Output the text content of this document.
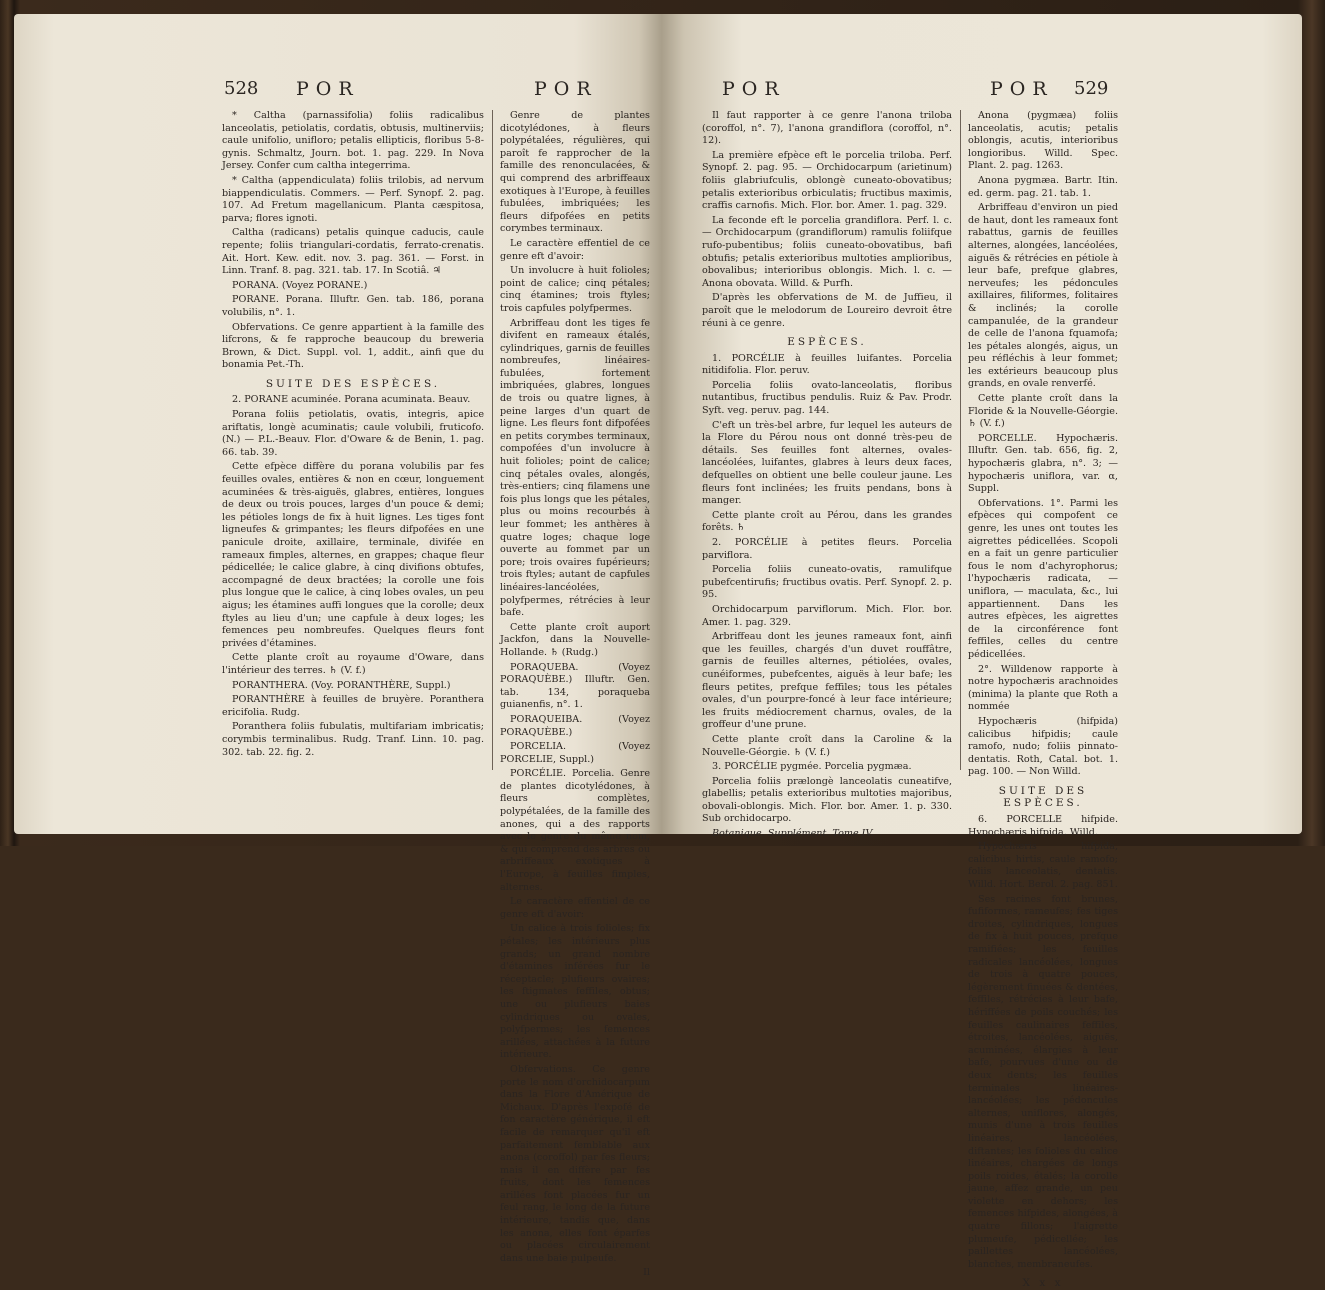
528 POR	POR

* Caltha (parnassifolia) foliis radicalibus lanceolatis, petiolatis, cordatis, obtusis, multinerviis; caule unifolio, unifloro; petalis ellipticis, floribus 5-8-gynis. Schmaltz, Journ. bot. 1. pag. 229. In Nova Jersey. Confer cum caltha integerrima.

* Caltha (appendiculata) foliis trilobis, ad nervum biappendiculatis. Commers. — Perf. Synopf. 2. pag. 107. Ad Fretum magellanicum. Planta cæspitosa, parva; flores ignoti.

Caltha (radicans) petalis quinque caducis, caule repente; foliis triangulari-cordatis, ferrato-crenatis. Ait. Hort. Kew. edit. nov. 3. pag. 361. — Forst. in Linn. Tranf. 8. pag. 321. tab. 17. In Scotiâ. ♃

PORANA. (Voyez PORANE.)

PORANE. Porana. Illuftr. Gen. tab. 186, porana volubilis, n°. 1.

Obfervations. Ce genre appartient à la famille des lifcrons, & fe rapproche beaucoup du breweria Brown, & Dict. Suppl. vol. 1, addit., ainfi que du bonamia Pet.-Th.

SUITE DES ESPÈCES.

2. PORANE acuminée. Porana acuminata. Beauv.

Porana foliis petiolatis, ovatis, integris, apice ariftatis, longè acuminatis; caule volubili, fruticofo. (N.) — P.L.-Beauv. Flor. d'Oware & de Benin, 1. pag. 66. tab. 39.

Cette efpèce diffère du porana volubilis par fes feuilles ovales, entières & non en cœur, longuement acuminées & très-aiguës, glabres, entières, longues de deux ou trois pouces, larges d'un pouce & demi; les pétioles longs de fix à huit lignes. Les tiges font ligneufes & grimpantes; les fleurs difpofées en une panicule droite, axillaire, terminale, divifée en rameaux fimples, alternes, en grappes; chaque fleur pédicellée; le calice glabre, à cinq divifions obtufes, accompagné de deux bractées; la corolle une fois plus longue que le calice, à cinq lobes ovales, un peu aigus; les étamines auffi longues que la corolle; deux ftyles au lieu d'un; une capfule à deux loges; les femences peu nombreufes. Quelques fleurs font privées d'étamines.

Cette plante croît au royaume d'Oware, dans l'intérieur des terres. ♄ (V. f.)

PORANTHERA. (Voy. PORANTHÈRE, Suppl.)

PORANTHÈRE à feuilles de bruyère. Porantherа ericifolia. Rudg.

Poranthera foliis fubulatis, multifariam imbricatis; corymbis terminalibus. Rudg. Tranf. Linn. 10. pag. 302. tab. 22. fig. 2.

Genre de plantes dicotylédones, à fleurs polypétalées, régulières, qui paroît fe rapprocher de la famille des renonculacées, & qui comprend des arbriffeaux exotiques à l'Europe, à feuilles fubulées, imbriquées; les fleurs difpofées en petits corymbes terminaux.

Le caractère effentiel de ce genre eft d'avoir:

Un involucre à huit folioles; point de calice; cinq pétales; cinq étamines; trois ftyles; trois capfules polyfpermes.

Arbriffeau dont les tiges fe divifent en rameaux étalés, cylindriques, garnis de feuilles nombreufes, linéaires-fubulées, fortement imbriquées, glabres, longues de trois ou quatre lignes, à peine larges d'un quart de ligne. Les fleurs font difpofées en petits corymbes terminaux, compofées d'un involucre à huit folioles; point de calice; cinq pétales ovales, alongés, très-entiers; cinq filamens une fois plus longs que les pétales, plus ou moins recourbés à leur fommet; les anthères à quatre loges; chaque loge ouverte au fommet par un pore; trois ovaires fupérieurs; trois ftyles; autant de capfules linéaires-lancéolées, polyfpermes, rétrécies à leur bafe.

Cette plante croît auport Jackfon, dans la Nouvelle-Hollande. ♄ (Rudg.)

PORAQUEBA. (Voyez PORAQUÈBE.) Illuftr. Gen. tab. 134, poraqueba guianenfis, n°. 1.

PORAQUEIBA. (Voyez PORAQUÈBE.)

PORCELIA. (Voyez PORCELIE, Suppl.)

PORCÉLIE. Porcelia. Genre de plantes dicotylédones, à fleurs complètes, polypétalées, de la famille des anones, qui a des rapports avec le genre du même nom, & qui comprend des arbres ou arbriffeaux exotiques à l'Europe, à feuilles fimples, alternes.

Le caractère effentiel de ce genre eft d'avoir:

Un calice à trois folioles; fix pétales; les intérieurs plus grands; un grand nombre d'étamines inférées fur le réceptacle; plufieurs ovaires; les ftigmates feffiles, obtus; une ou plufieurs baies cylindriques ou ovales, polyfpermes; les femences arillées, attachées à la future intérieure.

Obfervations. Ce genre porte le nom d'orchidocarpum dans la Flore d'Amérique de Michaux. D'après l'expofé de fon caractère générique, il eft facile de remarquer qu'il eft parfaitement femblable aux anona (coroffol) par fes fleurs; mais il en diffère par fes fruits, dont les femences arillées font placées fur un feul rang, le long de la future intérieure, tandis que, dans les anona, elles font éparfes ou placées circulairement dans une baie pulpeufe.

Il

POR	POR 529

Il faut rapporter à ce genre l'anona triloba (coroffol, n°. 7), l'anona grandiflora (coroffol, n°. 12).

La première efpèce eft le porcelia triloba. Perf. Synopf. 2. pag. 95. — Orchidocarpum (arietinum) foliis glabriufculis, oblongè cuneato-obovatibus; petalis exterioribus orbiculatis; fructibus maximis, craffis carnofis. Mich. Flor. bor. Amer. 1. pag. 329.

La feconde eft le porcelia grandiflora. Perf. l. c. — Orchidocarpum (grandiflorum) ramulis foliifque rufo-pubentibus; foliis cuneato-obovatibus, bafi obtufis; petalis exterioribus multoties amplioribus, obovalibus; interioribus oblongis. Mich. l. c. — Anona obovata. Willd. & Purfh.

D'après les obfervations de M. de Juffieu, il paroît que le melodorum de Loureiro devroit être réuni à ce genre.

ESPÈCES.

1. PORCÉLIE à feuilles luifantes. Porcelia nitidifolia. Flor. peruv.

Porcelia foliis ovato-lanceolatis, floribus nutantibus, fructibus pendulis. Ruiz & Pav. Prodr. Syft. veg. peruv. pag. 144.

C'eft un très-bel arbre, fur lequel les auteurs de la Flore du Pérou nous ont donné très-peu de détails. Ses feuilles font alternes, ovales-lancéolées, luifantes, glabres à leurs deux faces, defquelles on obtient une belle couleur jaune. Les fleurs font inclinées; les fruits pendans, bons à manger.

Cette plante croît au Pérou, dans les grandes forêts. ♄

2. PORCÉLIE à petites fleurs. Porcelia parviflora.

Porcelia foliis cuneato-ovatis, ramulifque pubefcentirufis; fructibus ovatis. Perf. Synopf. 2. p. 95.

Orchidocarpum parviflorum. Mich. Flor. bor. Amer. 1. pag. 329.

Arbriffeau dont les jeunes rameaux font, ainfi que les feuilles, chargés d'un duvet rouffâtre, garnis de feuilles alternes, pétiolées, ovales, cunéiformes, pubefcentes, aiguës à leur bafe; les fleurs petites, prefque feffiles; tous les pétales ovales, d'un pourpre-foncé à leur face intérieure; les fruits médiocrement charnus, ovales, de la groffeur d'une prune.

Cette plante croît dans la Caroline & la Nouvelle-Géorgie. ♄ (V. f.)

3. PORCÉLIE pygmée. Porcelia pygmæa.

Porcelia foliis prælongè lanceolatis cuneatifve, glabellis; petalis exterioribus multoties majoribus, obovali-oblongis. Mich. Flor. bor. Amer. 1. p. 330. Sub orchidocarpo.

Botanique. Supplément. Tome IV.

Anona (pygmæa) foliis lanceolatis, acutis; petalis oblongis, acutis, interioribus longioribus. Willd. Spec. Plant. 2. pag. 1263.

Anona pygmæa. Bartr. Itin. ed. germ. pag. 21. tab. 1.

Arbriffeau d'environ un pied de haut, dont les rameaux font rabattus, garnis de feuilles alternes, alongées, lancéolées, aiguës & rétrécies en pétiole à leur bafe, prefque glabres, nerveufes; les pédoncules axillaires, filiformes, folitaires & inclinés; la corolle campanulée, de la grandeur de celle de l'anona fquamofa; les pétales alongés, aigus, un peu réfléchis à leur fommet; les extérieurs beaucoup plus grands, en ovale renverfé.

Cette plante croît dans la Floride & la Nouvelle-Géorgie. ♄ (V. f.)

PORCELLE. Hypochæris. Illuftr. Gen. tab. 656, fig. 2, hypochæris glabra, n°. 3; — hypochæris uniflora, var. α, Suppl.

Obfervations. 1°. Parmi les efpèces qui compofent ce genre, les unes ont toutes les aigrettes pédicellées. Scopoli en a fait un genre particulier fous le nom d'achyrophorus; l'hypochæris radicata, — uniflora, — maculata, &c., lui appartiennent. Dans les autres efpèces, les aigrettes de la circonférence font feffiles, celles du centre pédicellées.

2°. Willdenow rapporte à notre hypochæris arachnoides (minima) la plante que Roth a nommée

Hypochæris (hifpida) calicibus hifpidis; caule ramofo, nudo; foliis pinnato-dentatis. Roth, Catal. bot. 1. pag. 100. — Non Willd.

SUITE DES ESPÈCES.

6. PORCELLE hifpide. Hypochæris hifpida. Willd.

Hypochæris hifpida, calicibus hirtis, caule ramofo; foliis lanceolatis, dentatis. Willd. Hort. Berol. 2. pag. 851.

Ses racines font brunes, fufiformes, rameufes; fes tiges droites, cylindriques, longues de fix à huit pouces, prefque ramifiées; les feuilles radicales lancéolées, longues de trois à quatre pouces, légèrement finuées & dentées, feffiles, rétrécies à leur bafe, hériffées de poils couchés; les feuilles caulinaires feffiles, étroites, lancéolées, aiguës, acuminées, élargies à leur bafe, pourvues d'une ou de deux dents; les feuilles terminales linéaires-lancéolées; les pédoncules alternes, uniflores, alongés, munis d'une à trois feuilles linéaires, lancéolées, diftantes; les folioles du calice linéaires, chargées de longs poils roides, étalés; la corolle jaune, affez grande, un peu violette en dehors; les femences hifpides, alongées, à quatre fillons; l'aigrette plumeufe, pédicellée; les paillettes lancéolées, blanches, membraneufes.

X x x
